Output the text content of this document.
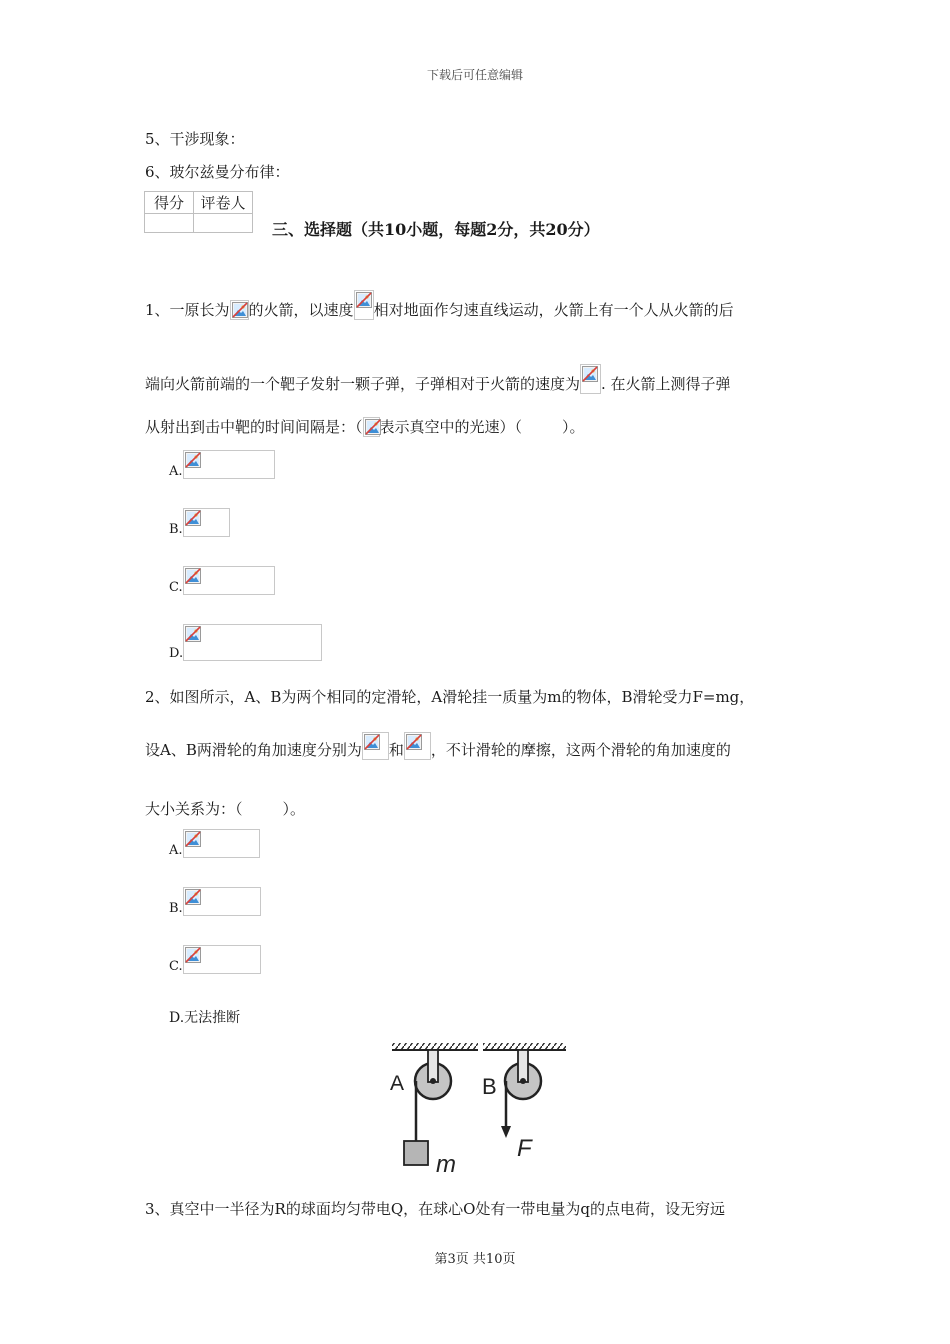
下载后可任意编辑
5、干涉现象：
6、玻尔兹曼分布律：
得分	评卷人

三、选择题（共10小题，每题2分，共20分）
1、一原长为 的火箭，以速度 相对地面作匀速直线运动，火箭上有一个人从火箭的后
端向火箭前端的一个靶子发射一颗子弹，子弹相对于火箭的速度为 . 在火箭上测得子弹
从射出到击中靶的时间间隔是：（ 表示真空中的光速）（	）。
A.
B.
C.
D.
2、如图所示，A、B为两个相同的定滑轮，A滑轮挂一质量为m的物体，B滑轮受力F=mg，
设A、B两滑轮的角加速度分别为 和 ，不计滑轮的摩擦，这两个滑轮的角加速度的
大小关系为：（	）。
A.
B.
C.
D.无法推断
A
m
B
F
3、真空中一半径为R的球面均匀带电Q，在球心O处有一带电量为q的点电荷，设无穷远
第3页 共10页
